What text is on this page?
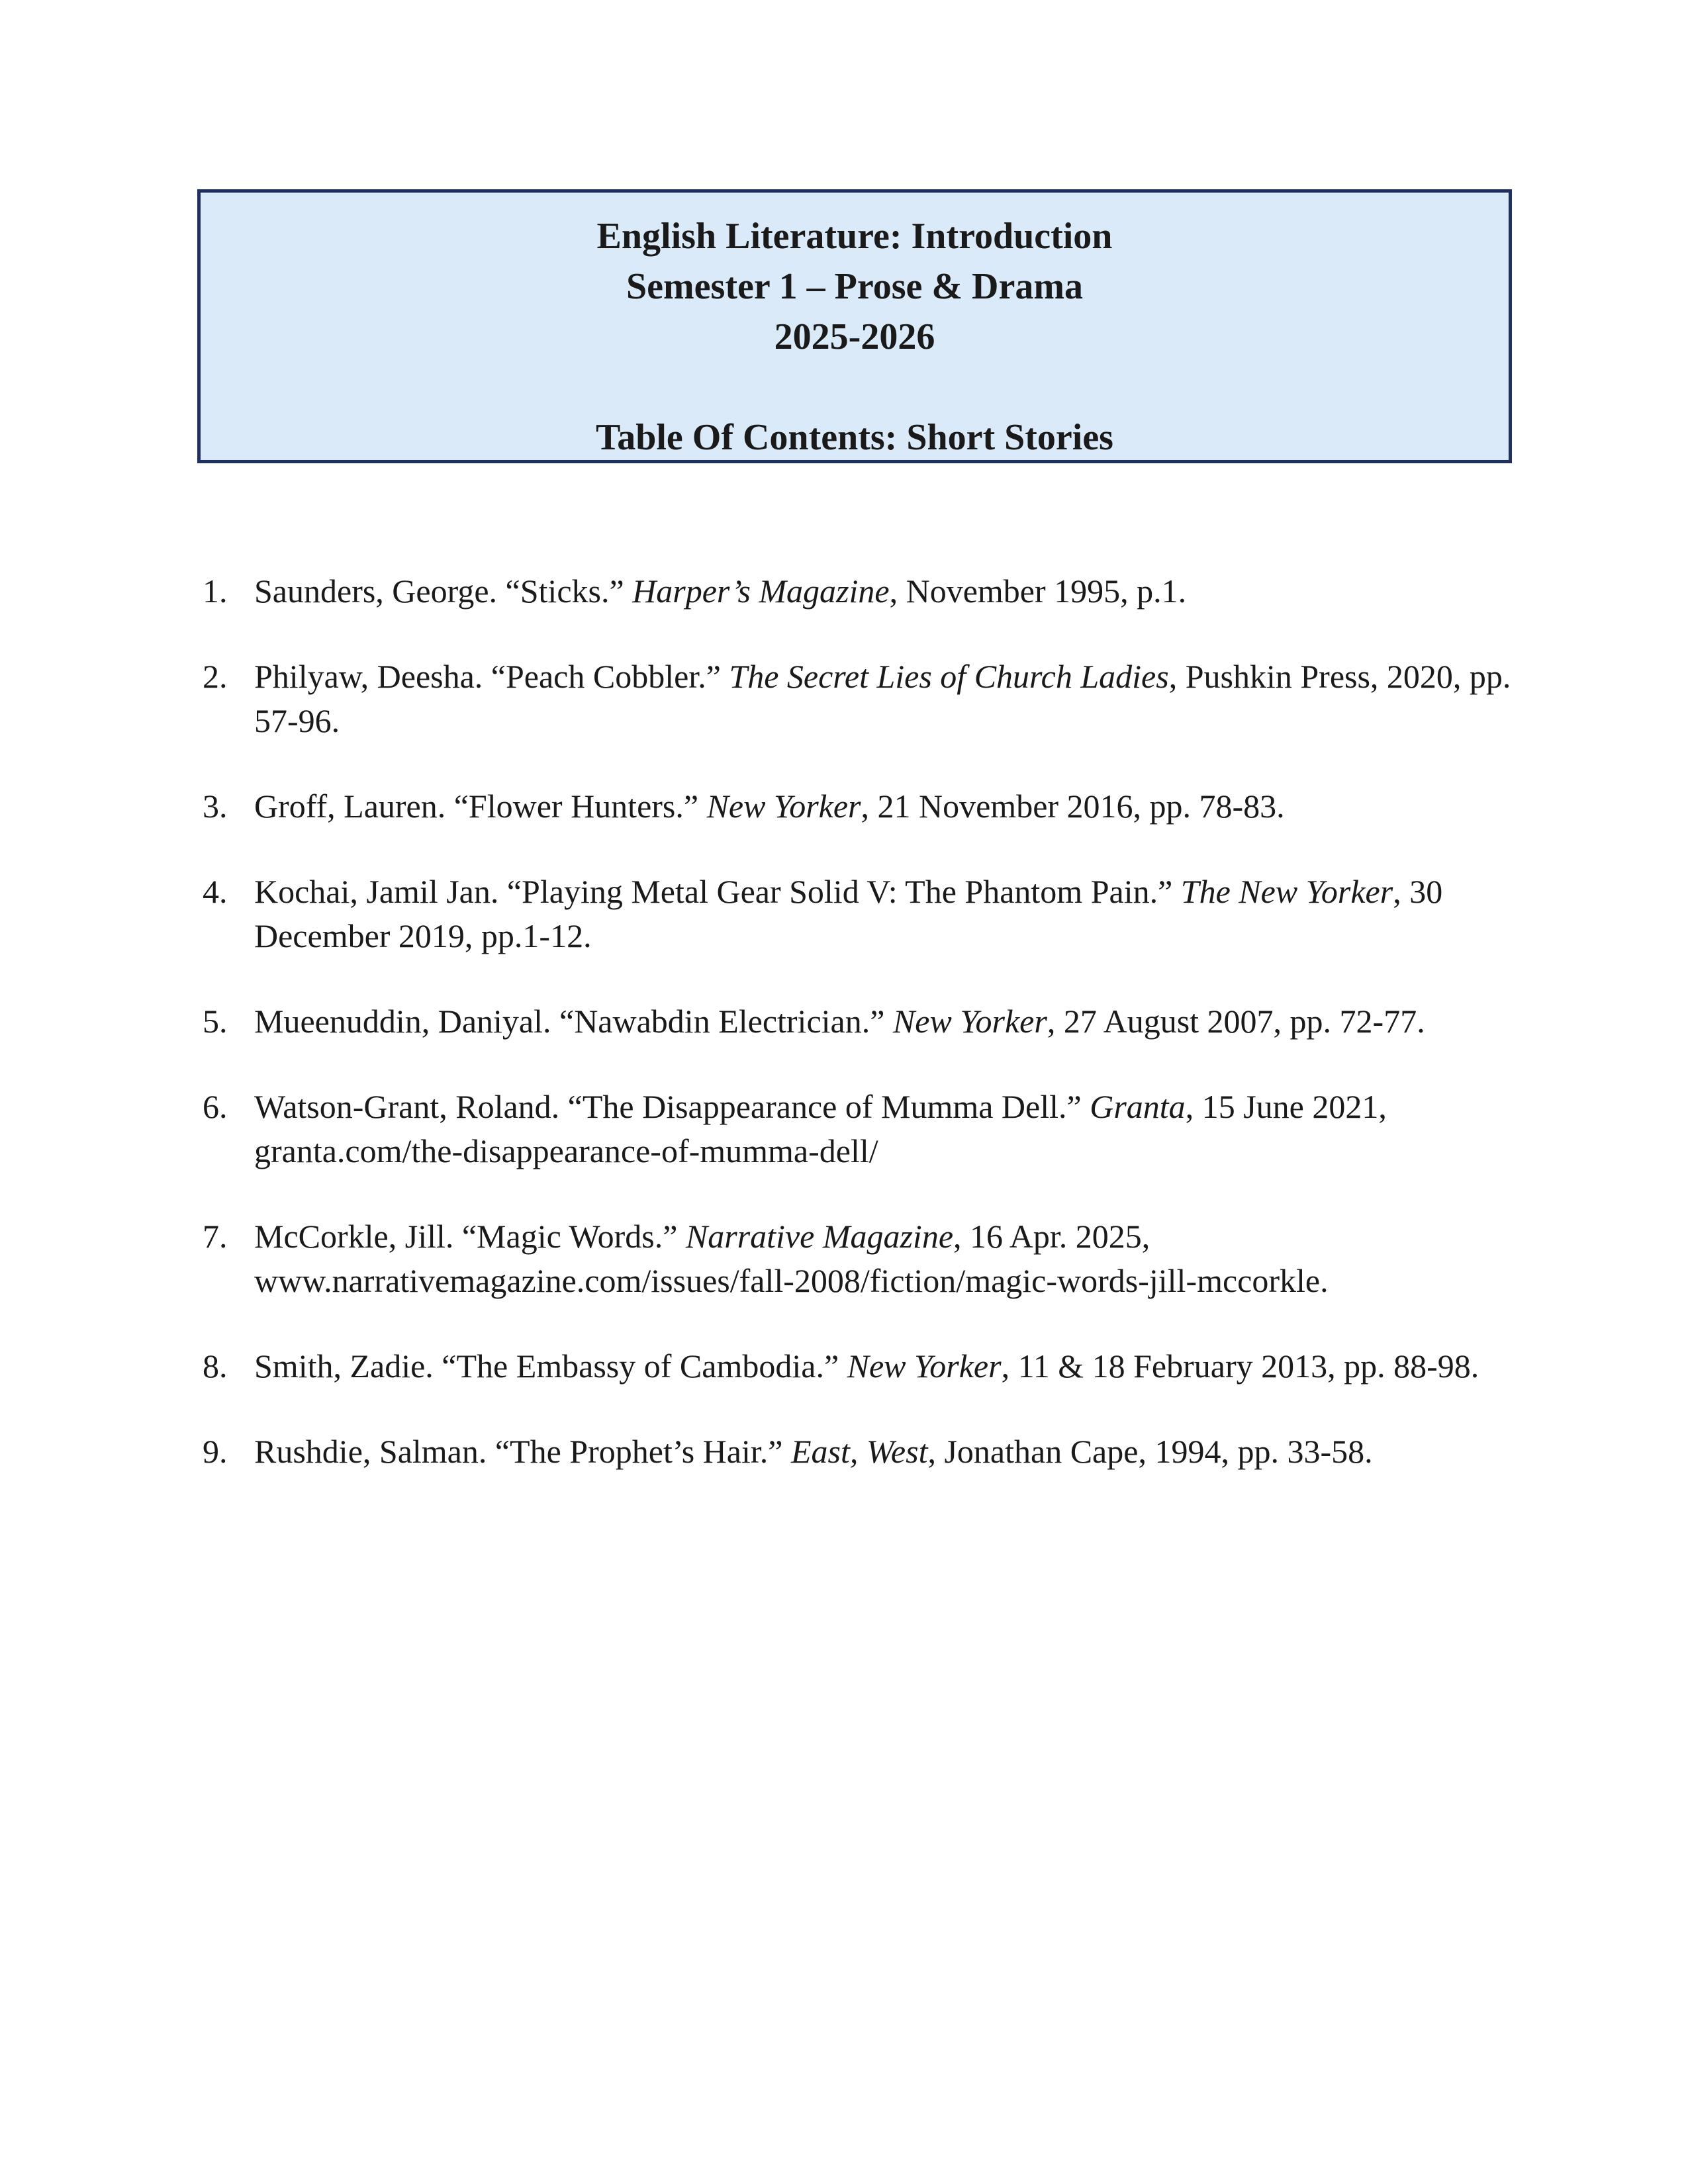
English Literature: Introduction
Semester 1 – Prose & Drama
2025-2026
Table Of Contents: Short Stories
1. Saunders, George. “Sticks.” Harper’s Magazine, November 1995, p.1.
2. Philyaw, Deesha. “Peach Cobbler.” The Secret Lies of Church Ladies, Pushkin Press, 2020, pp. 57-96.
3. Groff, Lauren. “Flower Hunters.” New Yorker, 21 November 2016, pp. 78-83.
4. Kochai, Jamil Jan. “Playing Metal Gear Solid V: The Phantom Pain.” The New Yorker, 30 December 2019, pp.1-12.
5. Mueenuddin, Daniyal. “Nawabdin Electrician.” New Yorker, 27 August 2007, pp. 72-77.
6. Watson-Grant, Roland. “The Disappearance of Mumma Dell.” Granta, 15 June 2021, granta.com/the-disappearance-of-mumma-dell/
7. McCorkle, Jill. “Magic Words.” Narrative Magazine, 16 Apr. 2025, www.narrativemagazine.com/issues/fall-2008/fiction/magic-words-jill-mccorkle.
8. Smith, Zadie. “The Embassy of Cambodia.” New Yorker, 11 & 18 February 2013, pp. 88-98.
9. Rushdie, Salman. “The Prophet’s Hair.” East, West, Jonathan Cape, 1994, pp. 33-58.
